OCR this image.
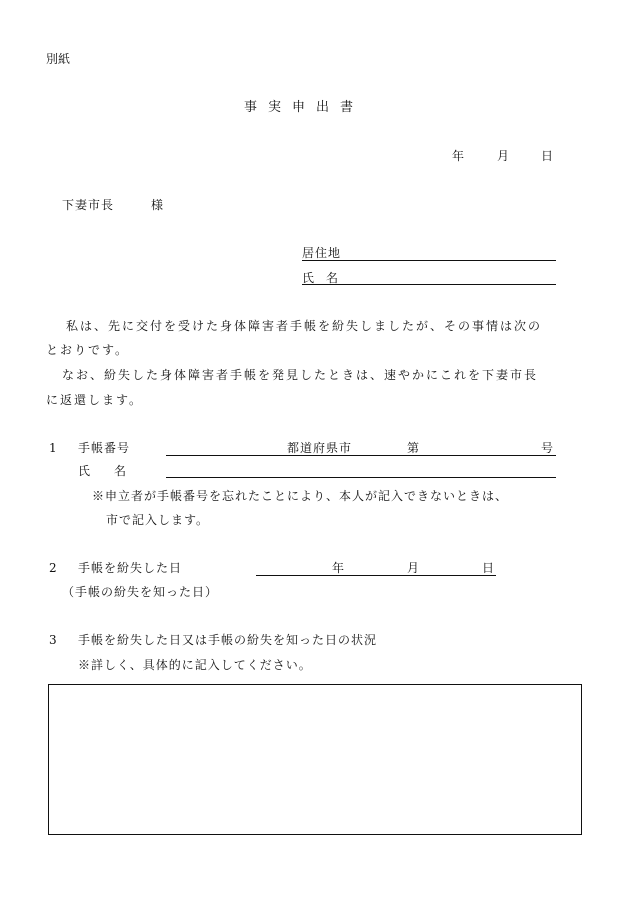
別紙
事実申出書
年	月	日
下妻市長	様
居住地
氏　名
私は、先に交付を受けた身体障害者手帳を紛失しましたが、その事情は次の
とおりです。
なお、紛失した身体障害者手帳を発見したときは、速やかにこれを下妻市長
に返還します。
1 手帳番号	都道府県市	第	号
氏　　名
※申立者が手帳番号を忘れたことにより、本人が記入できないときは、
市で記入します。
2 手帳を紛失した日	年	月	日
（手帳の紛失を知った日）
3 手帳を紛失した日又は手帳の紛失を知った日の状況
※詳しく、具体的に記入してください。
